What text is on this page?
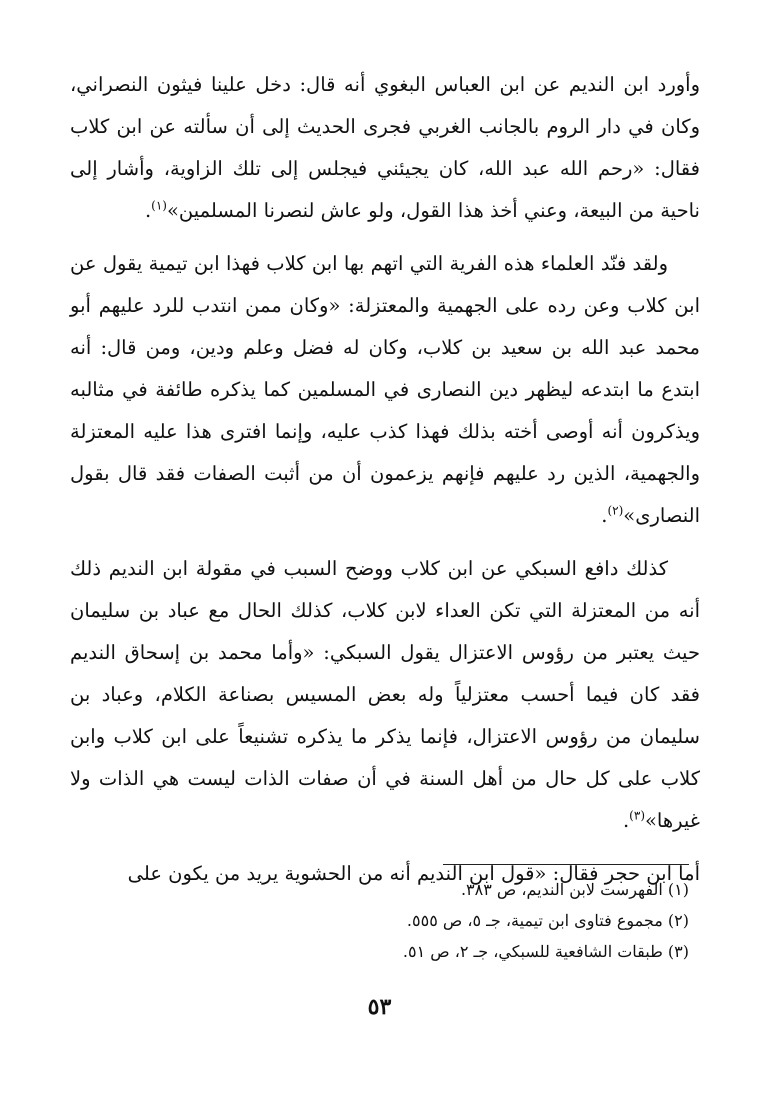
وأورد ابن النديم عن ابن العباس البغوي أنه قال: دخل علينا فيثون النصراني، وكان في دار الروم بالجانب الغربي فجرى الحديث إلى أن سألته عن ابن كلاب فقال: «رحم الله عبد الله، كان يجيئني فيجلس إلى تلك الزاوية، وأشار إلى ناحية من البيعة، وعني أخذ هذا القول، ولو عاش لنصرنا المسلمين»$^{(١)}$.

ولقد فنّد العلماء هذه الفرية التي اتهم بها ابن كلاب فهذا ابن تيمية يقول عن ابن كلاب وعن رده على الجهمية والمعتزلة: «وكان ممن انتدب للرد عليهم أبو محمد عبد الله بن سعيد بن كلاب، وكان له فضل وعلم ودين، ومن قال: أنه ابتدع ما ابتدعه ليظهر دين النصارى في المسلمين كما يذكره طائفة في مثالبه ويذكرون أنه أوصى أخته بذلك فهذا كذب عليه، وإنما افترى هذا عليه المعتزلة والجهمية، الذين رد عليهم فإنهم يزعمون أن من أثبت الصفات فقد قال بقول النصارى»$^{(٢)}$.

كذلك دافع السبكي عن ابن كلاب ووضح السبب في مقولة ابن النديم ذلك أنه من المعتزلة التي تكن العداء لابن كلاب، كذلك الحال مع عباد بن سليمان حيث يعتبر من رؤوس الاعتزال يقول السبكي: «وأما محمد بن إسحاق النديم فقد كان فيما أحسب معتزلياً وله بعض المسيس بصناعة الكلام، وعباد بن سليمان من رؤوس الاعتزال، فإنما يذكر ما يذكره تشنيعاً على ابن كلاب وابن كلاب على كل حال من أهل السنة في أن صفات الذات ليست هي الذات ولا غيرها»$^{(٣)}$.

أما ابن حجر فقال: «قول ابن النديم أنه من الحشوية يريد من يكون على

(١) الفهرست لابن النديم، ص ٣٨٣.
(٢) مجموع فتاوى ابن تيمية، جـ ٥، ص ٥٥٥.
(٣) طبقات الشافعية للسبكي، جـ ٢، ص ٥١.
٥٣
